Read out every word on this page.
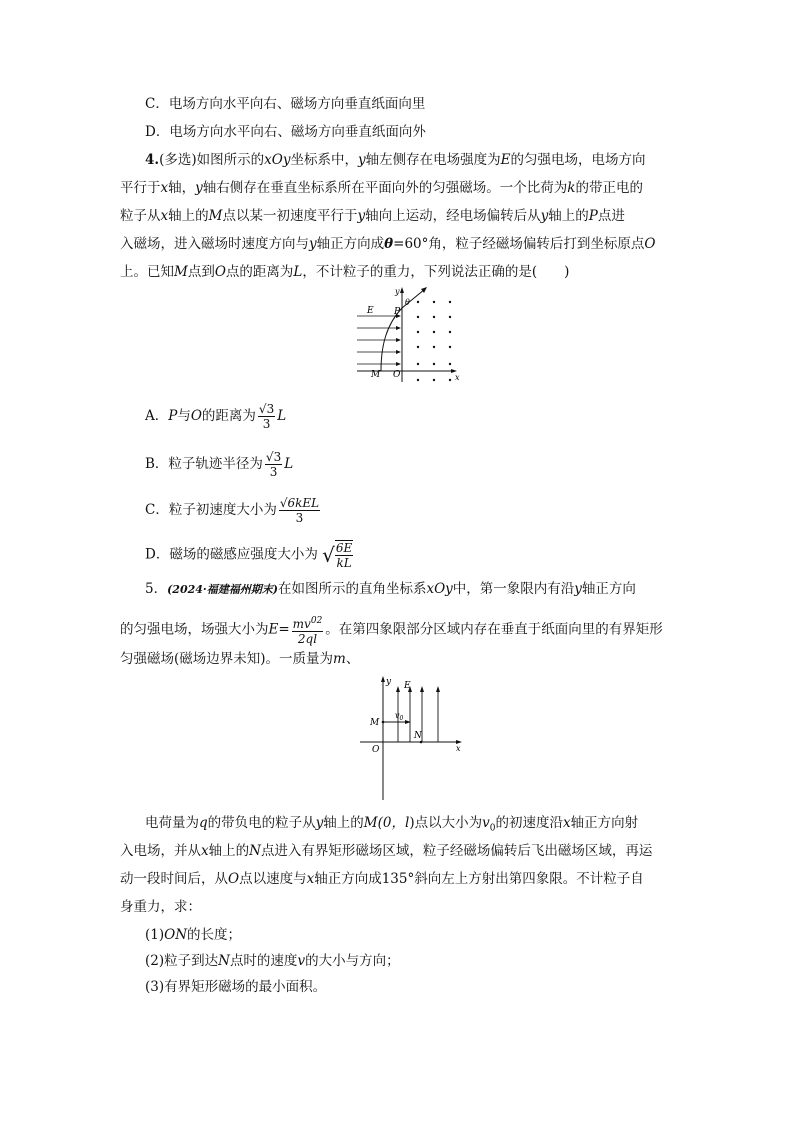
C．电场方向水平向右、磁场方向垂直纸面向里
D．电场方向水平向右、磁场方向垂直纸面向外
4.(多选)如图所示的xOy坐标系中，y轴左侧存在电场强度为E的匀强电场，电场方向
平行于x轴，y轴右侧存在垂直坐标系所在平面向外的匀强磁场。一个比荷为k的带正电的
粒子从x轴上的M点以某一初速度平行于y轴向上运动，经电场偏转后从y轴上的P点进
入磁场，进入磁场时速度方向与y轴正方向成θ=60°角，粒子经磁场偏转后打到坐标原点O
上。已知M点到O点的距离为L，不计粒子的重力，下列说法正确的是(　　)
y
x
E P
θ
M O
A．P与O的距离为 $\frac{√3}{3}$ L
B．粒子轨迹半径为 $\frac{√3}{3}$ L
C．粒子初速度大小为 $\frac{\text{√6kEL}}{3}$
D．磁场的磁感应强度大小为 √ $\frac{6E}{kL}$
5．(2024·福建福州期末)在如图所示的直角坐标系xOy中，第一象限内有沿y轴正方向
的匀强电场，场强大小为$E= \frac{mv^{02}}{2ql}$ 。在第四象限部分区域内存在垂直于纸面向里的有界矩形
匀强磁场(磁场边界未知)。一质量为m、
y E
M
$v_0$
N
O	x
电荷量为q的带负电的粒子从y轴上的M(0，l)点以大小为$v_0$的初速度沿x轴正方向射
入电场，并从x轴上的N点进入有界矩形磁场区域，粒子经磁场偏转后飞出磁场区域，再运
动一段时间后，从O点以速度与x轴正方向成135°斜向左上方射出第四象限。不计粒子自
身重力，求：
(1)ON的长度；
(2)粒子到达N点时的速度v的大小与方向；
(3)有界矩形磁场的最小面积。
